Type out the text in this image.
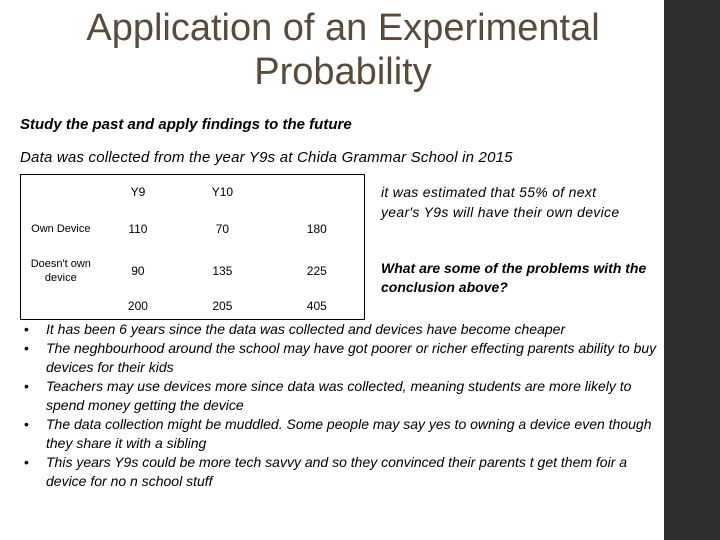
Application of an Experimental
Probability
Study the past and apply findings to the future
Data was collected from the year Y9s at Chida Grammar School in 2015
	Y9	Y10	
Own Device	110	70	180
Doesn't own device	90	135	225
	200	205	405
it was estimated that 55% of next year's Y9s will have their own device
What are some of the problems with the conclusion above?
• It has been 6 years since the data was collected and devices have become cheaper
• The neghbourhood around the school may have got poorer or richer effecting parents ability to buy devices for their kids
• Teachers may use devices more since data was collected, meaning students are more likely to spend money getting the device
• The data collection might be muddled. Some people may say yes to owning a device even though they share it with a sibling
• This years Y9s could be more tech savvy and so they convinced their parents t get them foir a device for no n school stuff
